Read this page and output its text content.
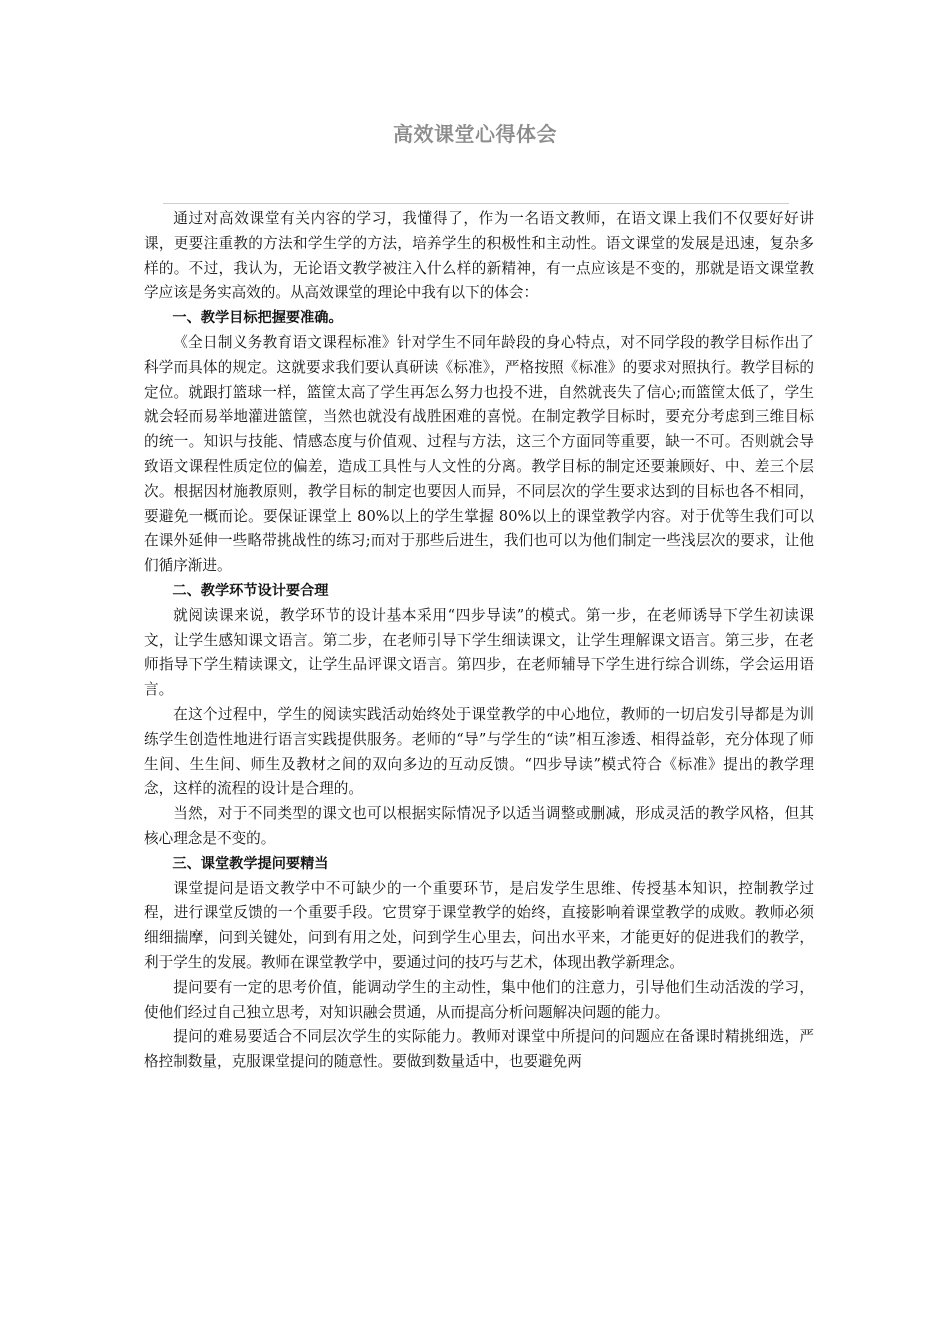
高效课堂心得体会

通过对高效课堂有关内容的学习，我懂得了，作为一名语文教师，在语文课上我们不仅要好好讲课，更要注重教的方法和学生学的方法，培养学生的积极性和主动性。语文课堂的发展是迅速，复杂多样的。不过，我认为，无论语文教学被注入什么样的新精神，有一点应该是不变的，那就是语文课堂教学应该是务实高效的。从高效课堂的理论中我有以下的体会：

一、教学目标把握要准确。

《全日制义务教育语文课程标准》针对学生不同年龄段的身心特点，对不同学段的教学目标作出了科学而具体的规定。这就要求我们要认真研读《标准》，严格按照《标准》的要求对照执行。教学目标的定位。就跟打篮球一样，篮筐太高了学生再怎么努力也投不进，自然就丧失了信心;而篮筐太低了，学生就会轻而易举地灌进篮筐，当然也就没有战胜困难的喜悦。在制定教学目标时，要充分考虑到三维目标的统一。知识与技能、情感态度与价值观、过程与方法，这三个方面同等重要，缺一不可。否则就会导致语文课程性质定位的偏差，造成工具性与人文性的分离。教学目标的制定还要兼顾好、中、差三个层次。根据因材施教原则，教学目标的制定也要因人而异，不同层次的学生要求达到的目标也各不相同，要避免一概而论。要保证课堂上 80%以上的学生掌握 80%以上的课堂教学内容。对于优等生我们可以在课外延伸一些略带挑战性的练习;而对于那些后进生，我们也可以为他们制定一些浅层次的要求，让他们循序渐进。

二、教学环节设计要合理

就阅读课来说，教学环节的设计基本采用“四步导读”的模式。第一步，在老师诱导下学生初读课文，让学生感知课文语言。第二步，在老师引导下学生细读课文，让学生理解课文语言。第三步，在老师指导下学生精读课文，让学生品评课文语言。第四步，在老师辅导下学生进行综合训练，学会运用语言。

在这个过程中，学生的阅读实践活动始终处于课堂教学的中心地位，教师的一切启发引导都是为训练学生创造性地进行语言实践提供服务。老师的“导”与学生的“读”相互渗透、相得益彰，充分体现了师生间、生生间、师生及教材之间的双向多边的互动反馈。“四步导读”模式符合《标准》提出的教学理念，这样的流程的设计是合理的。

当然，对于不同类型的课文也可以根据实际情况予以适当调整或删减，形成灵活的教学风格，但其核心理念是不变的。

三、课堂教学提问要精当

课堂提问是语文教学中不可缺少的一个重要环节，是启发学生思维、传授基本知识，控制教学过程，进行课堂反馈的一个重要手段。它贯穿于课堂教学的始终，直接影响着课堂教学的成败。教师必须细细揣摩，问到关键处，问到有用之处，问到学生心里去，问出水平来，才能更好的促进我们的教学，利于学生的发展。教师在课堂教学中，要通过问的技巧与艺术，体现出教学新理念。

提问要有一定的思考价值，能调动学生的主动性，集中他们的注意力，引导他们生动活泼的学习，使他们经过自己独立思考，对知识融会贯通，从而提高分析问题解决问题的能力。

提问的难易要适合不同层次学生的实际能力。教师对课堂中所提问的问题应在备课时精挑细选，严格控制数量，克服课堂提问的随意性。要做到数量适中，也要避免两
